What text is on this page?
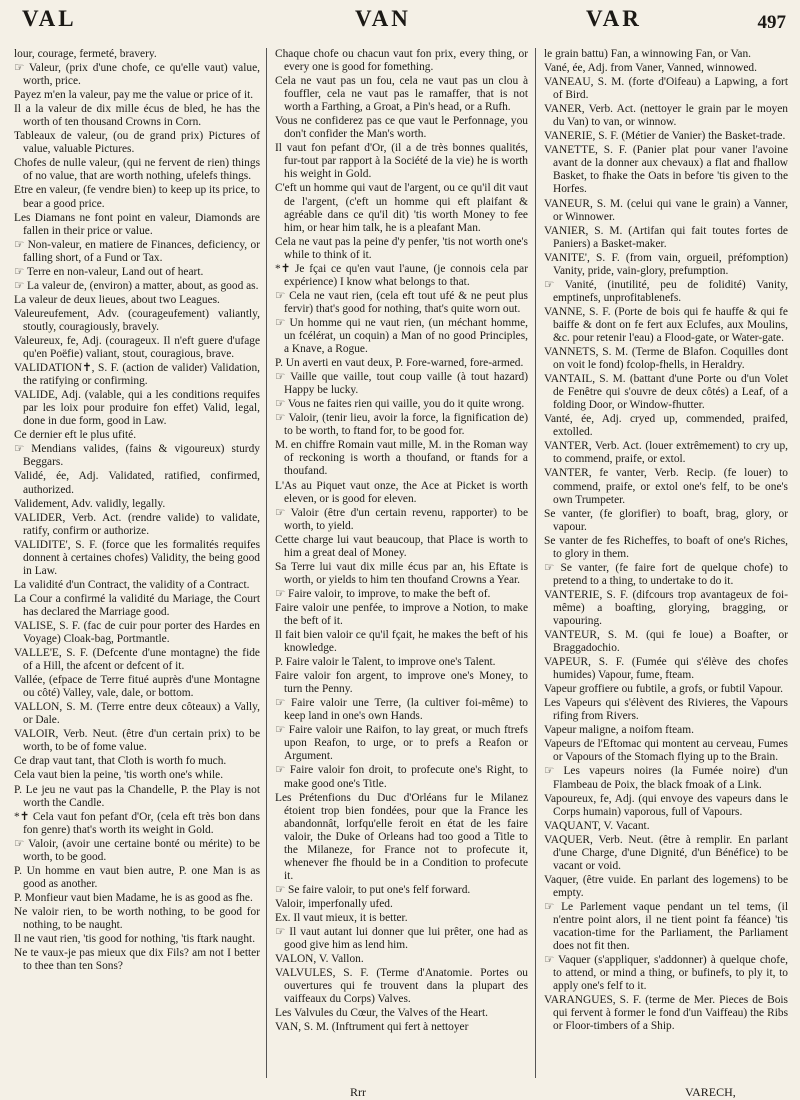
VAL	VAN	VAR	497

lour, courage, fermeté, bravery.

☞ Valeur, (prix d'une chofe, ce qu'elle vaut) value, worth, price.

Payez m'en la valeur, pay me the value or price of it.

Il a la valeur de dix mille écus de bled, he has the worth of ten thousand Crowns in Corn.

Tableaux de valeur, (ou de grand prix) Pictures of value, valuable Pictures.

Chofes de nulle valeur, (qui ne fervent de rien) things of no value, that are worth nothing, ufelefs things.

Etre en valeur, (fe vendre bien) to keep up its price, to bear a good price.

Les Diamans ne font point en valeur, Diamonds are fallen in their price or value.

☞ Non-valeur, en matiere de Finances, deficiency, or falling short, of a Fund or Tax.

☞ Terre en non-valeur, Land out of heart.

☞ La valeur de, (environ) a matter, about, as good as.

La valeur de deux lieues, about two Leagues.

Valeureufement, Adv. (courageufement) valiantly, stoutly, couragiously, bravely.

Valeureux, fe, Adj. (courageux. Il n'eft guere d'ufage qu'en Poëfie) valiant, stout, couragious, brave.

VALIDATION✝, S. F. (action de valider) Validation, the ratifying or confirming.

VALIDE, Adj. (valable, qui a les conditions requifes par les loix pour produire fon effet) Valid, legal, done in due form, good in Law.

Ce dernier eft le plus ufité.

☞ Mendians valides, (fains & vigoureux) sturdy Beggars.

Validé, ée, Adj. Validated, ratified, confirmed, authorized.

Validement, Adv. validly, legally.

VALIDER, Verb. Act. (rendre valide) to validate, ratify, confirm or authorize.

VALIDITE', S. F. (force que les formalités requifes donnent à certaines chofes) Validity, the being good in Law.

La validité d'un Contract, the validity of a Contract.

La Cour a confirmé la validité du Mariage, the Court has declared the Marriage good.

VALISE, S. F. (fac de cuir pour porter des Hardes en Voyage) Cloak-bag, Portmantle.

VALLE'E, S. F. (Defcente d'une montagne) the fide of a Hill, the afcent or defcent of it.

Vallée, (efpace de Terre fitué auprès d'une Montagne ou côté) Valley, vale, dale, or bottom.

VALLON, S. M. (Terre entre deux côteaux) a Vally, or Dale.

VALOIR, Verb. Neut. (être d'un certain prix) to be worth, to be of fome value.

Ce drap vaut tant, that Cloth is worth fo much.

Cela vaut bien la peine, 'tis worth one's while.

P. Le jeu ne vaut pas la Chandelle, P. the Play is not worth the Candle.

*✝ Cela vaut fon pefant d'Or, (cela eft très bon dans fon genre) that's worth its weight in Gold.

☞ Valoir, (avoir une certaine bonté ou mérite) to be worth, to be good.

P. Un homme en vaut bien autre, P. one Man is as good as another.

P. Monfieur vaut bien Madame, he is as good as fhe.

Ne valoir rien, to be worth nothing, to be good for nothing, to be naught.

Il ne vaut rien, 'tis good for nothing, 'tis ftark naught.

Ne te vaux-je pas mieux que dix Fils? am not I better to thee than ten Sons?

Chaque chofe ou chacun vaut fon prix, every thing, or every one is good for fomething.

Cela ne vaut pas un fou, cela ne vaut pas un clou à fouffler, cela ne vaut pas le ramaffer, that is not worth a Farthing, a Groat, a Pin's head, or a Rufh.

Vous ne confiderez pas ce que vaut le Perfonnage, you don't confider the Man's worth.

Il vaut fon pefant d'Or, (il a de très bonnes qualités, fur-tout par rapport à la Société de la vie) he is worth his weight in Gold.

C'eft un homme qui vaut de l'argent, ou ce qu'il dit vaut de l'argent, (c'eft un homme qui eft plaifant & agréable dans ce qu'il dit) 'tis worth Money to fee him, or hear him talk, he is a pleafant Man.

Cela ne vaut pas la peine d'y penfer, 'tis not worth one's while to think of it.

*✝ Je fçai ce qu'en vaut l'aune, (je connois cela par expérience) I know what belongs to that.

☞ Cela ne vaut rien, (cela eft tout ufé & ne peut plus fervir) that's good for nothing, that's quite worn out.

☞ Un homme qui ne vaut rien, (un méchant homme, un fcélérat, un coquin) a Man of no good Principles, a Knave, a Rogue.

P. Un averti en vaut deux, P. Fore-warned, fore-armed.

☞ Vaille que vaille, tout coup vaille (à tout hazard) Happy be lucky.

☞ Vous ne faites rien qui vaille, you do it quite wrong.

☞ Valoir, (tenir lieu, avoir la force, la fignification de) to be worth, to ftand for, to be good for.

M. en chiffre Romain vaut mille, M. in the Roman way of reckoning is worth a thoufand, or ftands for a thoufand.

L'As au Piquet vaut onze, the Ace at Picket is worth eleven, or is good for eleven.

☞ Valoir (être d'un certain revenu, rapporter) to be worth, to yield.

Cette charge lui vaut beaucoup, that Place is worth to him a great deal of Money.

Sa Terre lui vaut dix mille écus par an, his Eftate is worth, or yields to him ten thoufand Crowns a Year.

☞ Faire valoir, to improve, to make the beft of.

Faire valoir une penfée, to improve a Notion, to make the beft of it.

Il fait bien valoir ce qu'il fçait, he makes the beft of his knowledge.

P. Faire valoir le Talent, to improve one's Talent.

Faire valoir fon argent, to improve one's Money, to turn the Penny.

☞ Faire valoir une Terre, (la cultiver foi-même) to keep land in one's own Hands.

☞ Faire valoir une Raifon, to lay great, or much ftrefs upon Reafon, to urge, or to prefs a Reafon or Argument.

☞ Faire valoir fon droit, to profecute one's Right, to make good one's Title.

Les Prétenfions du Duc d'Orléans fur le Milanez étoient trop bien fondées, pour que la France les abandonnât, lorfqu'elle feroit en état de les faire valoir, the Duke of Orleans had too good a Title to the Milaneze, for France not to profecute it, whenever fhe fhould be in a Condition to profecute it.

☞ Se faire valoir, to put one's felf forward.

Valoir, imperfonally ufed.

Ex. Il vaut mieux, it is better.

☞ Il vaut autant lui donner que lui prêter, one had as good give him as lend him.

VALON, V. Vallon.

VALVULES, S. F. (Terme d'Anatomie. Portes ou ouvertures qui fe trouvent dans la plupart des vaiffeaux du Corps) Valves.

Les Valvules du Cœur, the Valves of the Heart.

VAN, S. M. (Inftrument qui fert à nettoyer

le grain battu) Fan, a winnowing Fan, or Van.

Vané, ée, Adj. from Vaner, Vanned, winnowed.

VANEAU, S. M. (forte d'Oifeau) a Lapwing, a fort of Bird.

VANER, Verb. Act. (nettoyer le grain par le moyen du Van) to van, or winnow.

VANERIE, S. F. (Métier de Vanier) the Basket-trade.

VANETTE, S. F. (Panier plat pour vaner l'avoine avant de la donner aux chevaux) a flat and fhallow Basket, to fhake the Oats in before 'tis given to the Horfes.

VANEUR, S. M. (celui qui vane le grain) a Vanner, or Winnower.

VANIER, S. M. (Artifan qui fait toutes fortes de Paniers) a Basket-maker.

VANITE', S. F. (from vain, orgueil, préfomption) Vanity, pride, vain-glory, prefumption.

☞ Vanité, (inutilité, peu de folidité) Vanity, emptinefs, unprofitablenefs.

VANNE, S. F. (Porte de bois qui fe hauffe & qui fe baiffe & dont on fe fert aux Eclufes, aux Moulins, &c. pour retenir l'eau) a Flood-gate, or Water-gate.

VANNETS, S. M. (Terme de Blafon. Coquilles dont on voit le fond) fcolop-fhells, in Heraldry.

VANTAIL, S. M. (battant d'une Porte ou d'un Volet de Fenêtre qui s'ouvre de deux côtés) a Leaf, of a folding Door, or Window-fhutter.

Vanté, ée, Adj. cryed up, commended, praifed, extolled.

VANTER, Verb. Act. (louer extrêmement) to cry up, to commend, praife, or extol.

VANTER, fe vanter, Verb. Recip. (fe louer) to commend, praife, or extol one's felf, to be one's own Trumpeter.

Se vanter, (fe glorifier) to boaft, brag, glory, or vapour.

Se vanter de fes Richeffes, to boaft of one's Riches, to glory in them.

☞ Se vanter, (fe faire fort de quelque chofe) to pretend to a thing, to undertake to do it.

VANTERIE, S. F. (difcours trop avantageux de foi-même) a boafting, glorying, bragging, or vapouring.

VANTEUR, S. M. (qui fe loue) a Boafter, or Braggadochio.

VAPEUR, S. F. (Fumée qui s'élève des chofes humides) Vapour, fume, fteam.

Vapeur groffiere ou fubtile, a grofs, or fubtil Vapour.

Les Vapeurs qui s'élèvent des Rivieres, the Vapours rifing from Rivers.

Vapeur maligne, a noifom fteam.

Vapeurs de l'Eftomac qui montent au cerveau, Fumes or Vapours of the Stomach flying up to the Brain.

☞ Les vapeurs noires (la Fumée noire) d'un Flambeau de Poix, the black fmoak of a Link.

Vapoureux, fe, Adj. (qui envoye des vapeurs dans le Corps humain) vaporous, full of Vapours.

VAQUANT, V. Vacant.

VAQUER, Verb. Neut. (être à remplir. En parlant d'une Charge, d'une Dignité, d'un Bénéfice) to be vacant or void.

Vaquer, (être vuide. En parlant des logemens) to be empty.

☞ Le Parlement vaque pendant un tel tems, (il n'entre point alors, il ne tient point fa féance) 'tis vacation-time for the Parliament, the Parliament does not fit then.

☞ Vaquer (s'appliquer, s'addonner) à quelque chofe, to attend, or mind a thing, or bufinefs, to ply it, to apply one's felf to it.

VARANGUES, S. F. (terme de Mer. Pieces de Bois qui fervent à former le fond d'un Vaiffeau) the Ribs or Floor-timbers of a Ship.

Rrr	VARECH,
